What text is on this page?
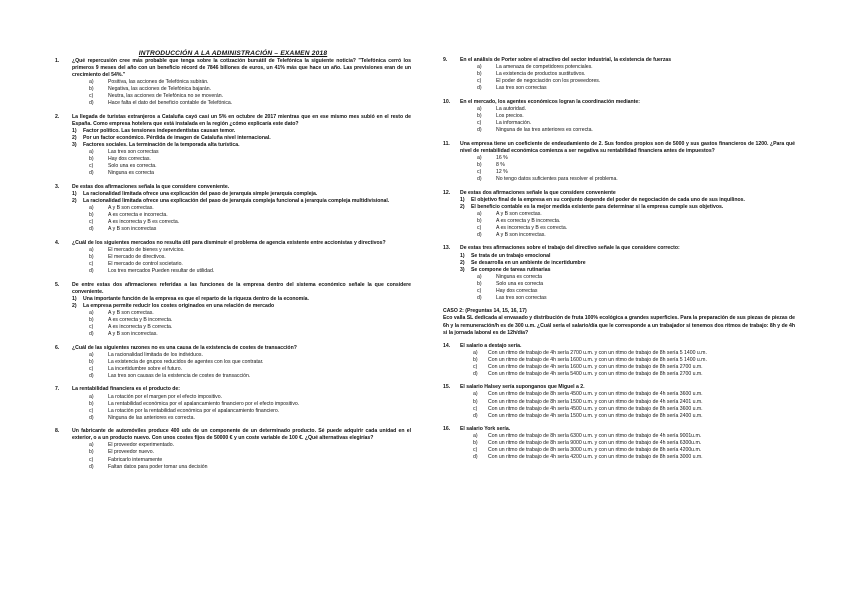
INTRODUCCIÓN A LA ADMINISTRACIÓN – EXAMEN 2018
1. ¿Qué repercusión cree más probable que tenga sobre la cotización bursátil de Telefónica la siguiente noticia? "Telefónica cerró los primeros 9 meses del año con un beneficio récord de 7846 billones de euros, un 41% más que hace un año. Las previsiones eran de un crecimiento del 54%."
a)	Positiva, las acciones de Telefónica subirán.
b)	Negativa, las acciones de Telefónica bajarán.
c)	Neutra, las acciones de Telefónica no se moverán.
d)	Hace falta el dato del beneficio contable de Telefónica.
2. La llegada de turistas extranjeros a Cataluña cayó casi un 5% en octubre de 2017 mientras que en ese mismo mes subió en el resto de España. Como empresa hotelera que está instalada en la región ¿cómo explicaría este dato?
1) Factor político. Las tensiones independentistas causan temor.
2) Por un factor económico. Pérdida de imagen de Cataluña nivel internacional.
3) Factores sociales. La terminación de la temporada alta turística.
a)	Las tres son correctas
b)	Hay dos correctas.
c)	Solo una es correcta.
d)	Ninguna es correcta
3. De estas dos afirmaciones señala la que considere conveniente.
1) La racionalidad limitada ofrece una explicación del paso de jerarquía simple jerarquía compleja.
2) La racionalidad limitada ofrece una explicación del paso de jerarquía compleja funcional a jerarquía compleja multidivisional.
a)	A y B son correctas.
b)	A es correcta e incorrecta.
c)	A es incorrecta y B es correcta.
d)	A y B son incorrectas
4. ¿Cuál de los siguientes mercados no resulta útil para disminuir el problema de agencia existente entre accionistas y directivos?
a)	El mercado de bienes y servicios.
b)	El mercado de directivos.
c)	El mercado de control societario.
d)	Los tres mercados Pueden resultar de utilidad.
5. De entre estas dos afirmaciones referidas a las funciones de la empresa dentro del sistema económico señale la que considere conveniente.
1) Una importante función de la empresa es que el reparto de la riqueza dentro de la economía.
2) La empresa permite reducir los costes originados en una relación de mercado
a)	A y B son correctas.
b)	A es correcta y B incorrecta.
c)	A es incorrecta y B correcta.
d)	A y B son incorrectas.
6. ¿Cuál de las siguientes razones no es una causa de la existencia de costes de transacción?
a)	La racionalidad limitada de los individuos.
b)	La existencia de grupos reducidos de agentes con los que contratar.
c)	La incertidumbre sobre el futuro.
d)	Las tres son causas de la existencia de costes de transacción.
7. La rentabilidad financiera es el producto de:
a)	La rotación por el margen por el efecto impositivo.
b)	La rentabilidad económica por el apalancamiento financiero por el efecto impositivo.
c)	La rotación por la rentabilidad económica por el apalancamiento financiero.
d)	Ninguna de las anteriores es correcta.
8. Un fabricante de automóviles produce 400 uds de un componente de un determinado producto. Sé puede adquirir cada unidad en el exterior, o a un producto nuevo. Con unos costes fijos de 50000 € y un coste variable de 100 €. ¿Qué alternativas elegirías?
a)	El proveedor experimentado.
b)	El proveedor nuevo.
c)	Fabricarlo internamente
d)	Faltan datos para poder tomar una decisión
9. En el análisis de Porter sobre el atractivo del sector industrial, la existencia de fuerzas
a)	La amenaza de competidores potenciales.
b)	La existencia de productos sustitutivos.
c)	El poder de negociación con los proveedores.
d)	Las tres son correctas
10. En el mercado, los agentes económicos logran la coordinación mediante:
a)	La autoridad.
b)	Los precios.
c)	La información.
d)	Ninguna de las tres anteriores es correcta.
11. Una empresa tiene un coeficiente de endeudamiento de 2. Sus fondos propios son de 5000 y sus gastos financieros de 1200. ¿Para qué nivel de rentabilidad económica comienza a ser negativa su rentabilidad financiera antes de impuestos?
a)	16 %
b)	8 %
c)	12 %
d)	No tengo datos suficientes para resolver el problema.
12. De estas dos afirmaciones señale la que considere conveniente
1) El objetivo final de la empresa en su conjunto depende del poder de negociación de cada uno de sus inquilinos.
2) El beneficio contable es la mejor medida existente para determinar si la empresa cumple sus objetivos.
a)	A y B son correctas.
b)	A es correcta y B incorrecta.
c)	A es incorrecta y B es correcta.
d)	A y B son incorrectas.
13. De estas tres afirmaciones sobre el trabajo del directivo señale la que considere correcto:
1) Se trata de un trabajo emocional
2) Se desarrolla en un ambiente de incertidumbre
3) Se compone de tareas rutinarias
a)	Ninguna es correcta
b)	Solo una es correcta
c)	Hay dos correctas
d)	Las tres son correctas
CASO 2: (Preguntas 14, 15, 16, 17)
Eco valla SL dedicada al envasado y distribución de fruta 100% ecológica a grandes superficies. Para la preparación de sus piezas de piezas de 6h y la remuneración/h es de 300 u.m. ¿Cuál sería el salario/día que le corresponde a un trabajador si tenemos dos ritmos de trabajo: 8h y de 4h si la jornada laboral es de 12h/día?
14. El salario a destajo sería.
a) Con un ritmo de trabajo de 4h sería 2700 u.m. y con un ritmo de trabajo de 8h sería 5 1400 u.m.
b) Con un ritmo de trabajo de 4h sería 1600 u.m. y con un ritmo de trabajo de 8h sería 5 1400 u.m.
c) Con un ritmo de trabajo de 4h sería 1600 u.m. y con un ritmo de trabajo de 8h sería 2700 u.m.
d) Con un ritmo de trabajo de 4h sería 5400 u.m. y con un ritmo de trabajo de 8h sería 2700 u.m.
15. El salario Halsey sería suponganos que Miguel a 2.
a) Con un ritmo de trabajo de 8h sería 4500 u.m. y con un ritmo de trabajo de 4h sería 3600 u.m.
b) Con un ritmo de trabajo de 8h sería 1500 u.m. y con un ritmo de trabajo de 4h sería 2401 u.m.
c) Con un ritmo de trabajo de 4h sería 4500 u.m. y con un ritmo de trabajo de 8h sería 3600 u.m.
d) Con un ritmo de trabajo de 4h sería 1500 u.m. y con un ritmo de trabajo de 8h sería 2400 u.m.
16. El salario York sería.
a) Con un ritmo de trabajo de 8h sería 6300 u.m. y con un ritmo de trabajo de 4h sería 9001u.m.
b) Con un ritmo de trabajo de 8h sería 9000 u.m. y con un ritmo de trabajo de 4h sería 6300u.m.
c) Con un ritmo de trabajo de 8h sería 3000 u.m. y con un ritmo de trabajo de 8h sería 4200u.m.
d) Con un ritmo de trabajo de 4h sería 4200 u.m. y con un ritmo de trabajo de 8h sería 3000 u.m.
